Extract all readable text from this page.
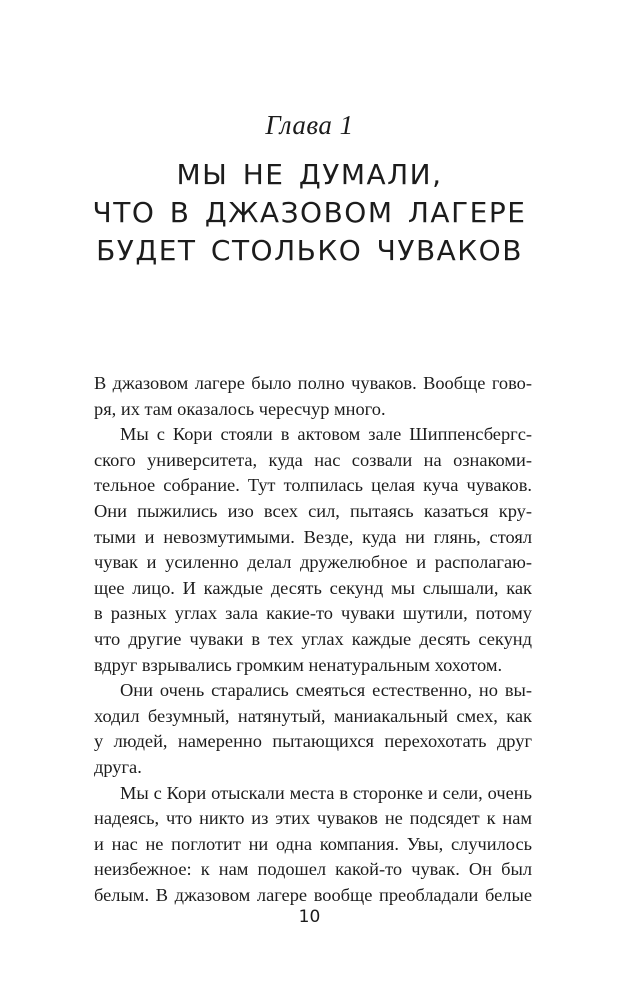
Глава 1
МЫ НЕ ДУМАЛИ,
ЧТО В ДЖАЗОВОМ ЛАГЕРЕ
БУДЕТ СТОЛЬКО ЧУВАКОВ
В джазовом лагере было полно чуваков. Вообще гово-
ря, их там оказалось чересчур много.
Мы с Кори стояли в актовом зале Шиппенсбергс-
ского университета, куда нас созвали на ознакоми-
тельное собрание. Тут толпилась целая куча чуваков.
Они пыжились изо всех сил, пытаясь казаться кру-
тыми и невозмутимыми. Везде, куда ни глянь, стоял
чувак и усиленно делал дружелюбное и располагаю-
щее лицо. И каждые десять секунд мы слышали, как
в разных углах зала какие-то чуваки шутили, потому
что другие чуваки в тех углах каждые десять секунд
вдруг взрывались громким ненатуральным хохотом.
Они очень старались смеяться естественно, но вы-
ходил безумный, натянутый, маниакальный смех, как
у людей, намеренно пытающихся перехохотать друг
друга.
Мы с Кори отыскали места в сторонке и сели, очень
надеясь, что никто из этих чуваков не подсядет к нам
и нас не поглотит ни одна компания. Увы, случилось
неизбежное: к нам подошел какой-то чувак. Он был
белым. В джазовом лагере вообще преобладали белые
10
